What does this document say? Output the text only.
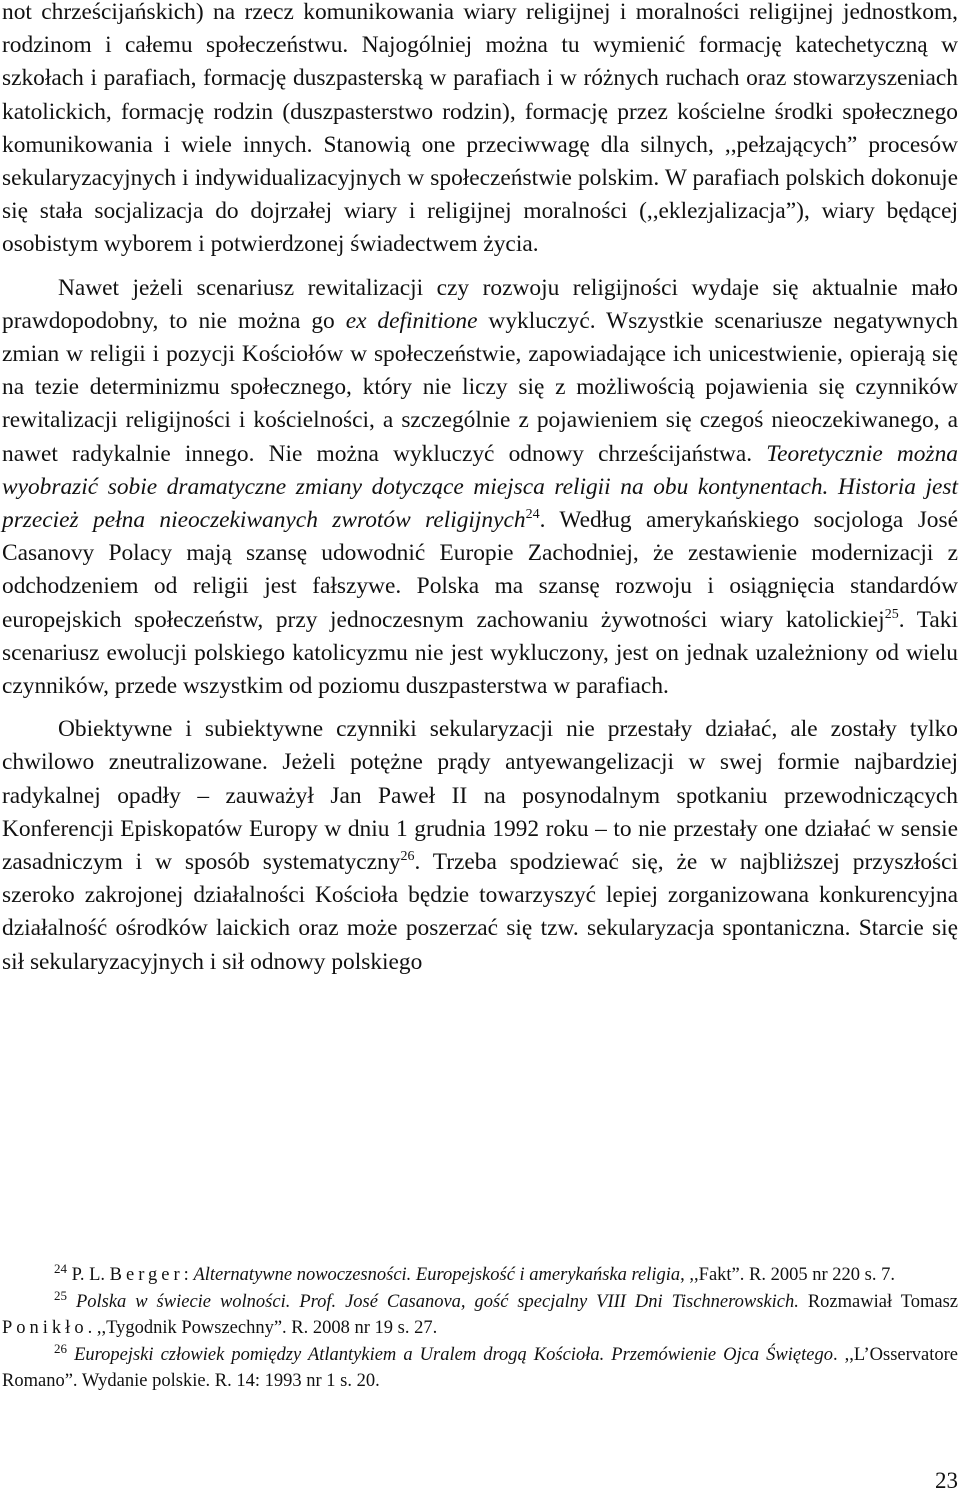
not chrześcijańskich) na rzecz komunikowania wiary religijnej i moralności religijnej jednostkom, rodzinom i całemu społeczeństwu. Najogólniej można tu wymienić formację katechetyczną w szkołach i parafiach, formację duszpasterską w parafiach i w różnych ruchach oraz stowarzyszeniach katolickich, formację rodzin (duszpasterstwo rodzin), formację przez kościelne środki społecznego komunikowania i wiele innych. Stanowią one przeciwwagę dla silnych, ,,pełzających” procesów sekularyzacyjnych i indywidualizacyjnych w społeczeństwie polskim. W parafiach polskich dokonuje się stała socjalizacja do dojrzałej wiary i religijnej moralności (,,eklezjalizacja”), wiary będącej osobistym wyborem i potwierdzonej świadectwem życia.

Nawet jeżeli scenariusz rewitalizacji czy rozwoju religijności wydaje się aktualnie mało prawdopodobny, to nie można go ex definitione wykluczyć. Wszystkie scenariusze negatywnych zmian w religii i pozycji Kościołów w społeczeństwie, zapowiadające ich unicestwienie, opierają się na tezie determinizmu społecznego, który nie liczy się z możliwością pojawienia się czynników rewitalizacji religijności i kościelności, a szczególnie z pojawieniem się czegoś nieoczekiwanego, a nawet radykalnie innego. Nie można wykluczyć odnowy chrześcijaństwa. Teoretycznie można wyobrazić sobie dramatyczne zmiany dotyczące miejsca religii na obu kontynentach. Historia jest przecież pełna nieoczekiwanych zwrotów religijnych$^{24}$. Według amerykańskiego socjologa José Casanovy Polacy mają szansę udowodnić Europie Zachodniej, że zestawienie modernizacji z odchodzeniem od religii jest fałszywe. Polska ma szansę rozwoju i osiągnięcia standardów europejskich społeczeństw, przy jednoczesnym zachowaniu żywotności wiary katolickiej$^{25}$. Taki scenariusz ewolucji polskiego katolicyzmu nie jest wykluczony, jest on jednak uzależniony od wielu czynników, przede wszystkim od poziomu duszpasterstwa w parafiach.

Obiektywne i subiektywne czynniki sekularyzacji nie przestały działać, ale zostały tylko chwilowo zneutralizowane. Jeżeli potężne prądy antyewangelizacji w swej formie najbardziej radykalnej opadły – zauważył Jan Paweł II na posynodalnym spotkaniu przewodniczących Konferencji Episkopatów Europy w dniu 1 grudnia 1992 roku – to nie przestały one działać w sensie zasadniczym i w sposób systematyczny$^{26}$. Trzeba spodziewać się, że w najbliższej przyszłości szeroko zakrojonej działalności Kościoła będzie towarzyszyć lepiej zorganizowana konkurencyjna działalność ośrodków laickich oraz może poszerzać się tzw. sekularyzacja spontaniczna. Starcie się sił sekularyzacyjnych i sił odnowy polskiego

$^{24}$ P. L. Berger: Alternatywne nowoczesności. Europejskość i amerykańska religia, ,,Fakt”. R. 2005 nr 220 s. 7.

$^{25}$ Polska w świecie wolności. Prof. José Casanova, gość specjalny VIII Dni Tischnerowskich. Rozmawiał Tomasz Ponikło. ,,Tygodnik Powszechny”. R. 2008 nr 19 s. 27.

$^{26}$ Europejski człowiek pomiędzy Atlantykiem a Uralem drogą Kościoła. Przemówienie Ojca Świętego. ,,L’Osservatore Romano”. Wydanie polskie. R. 14: 1993 nr 1 s. 20.

23
